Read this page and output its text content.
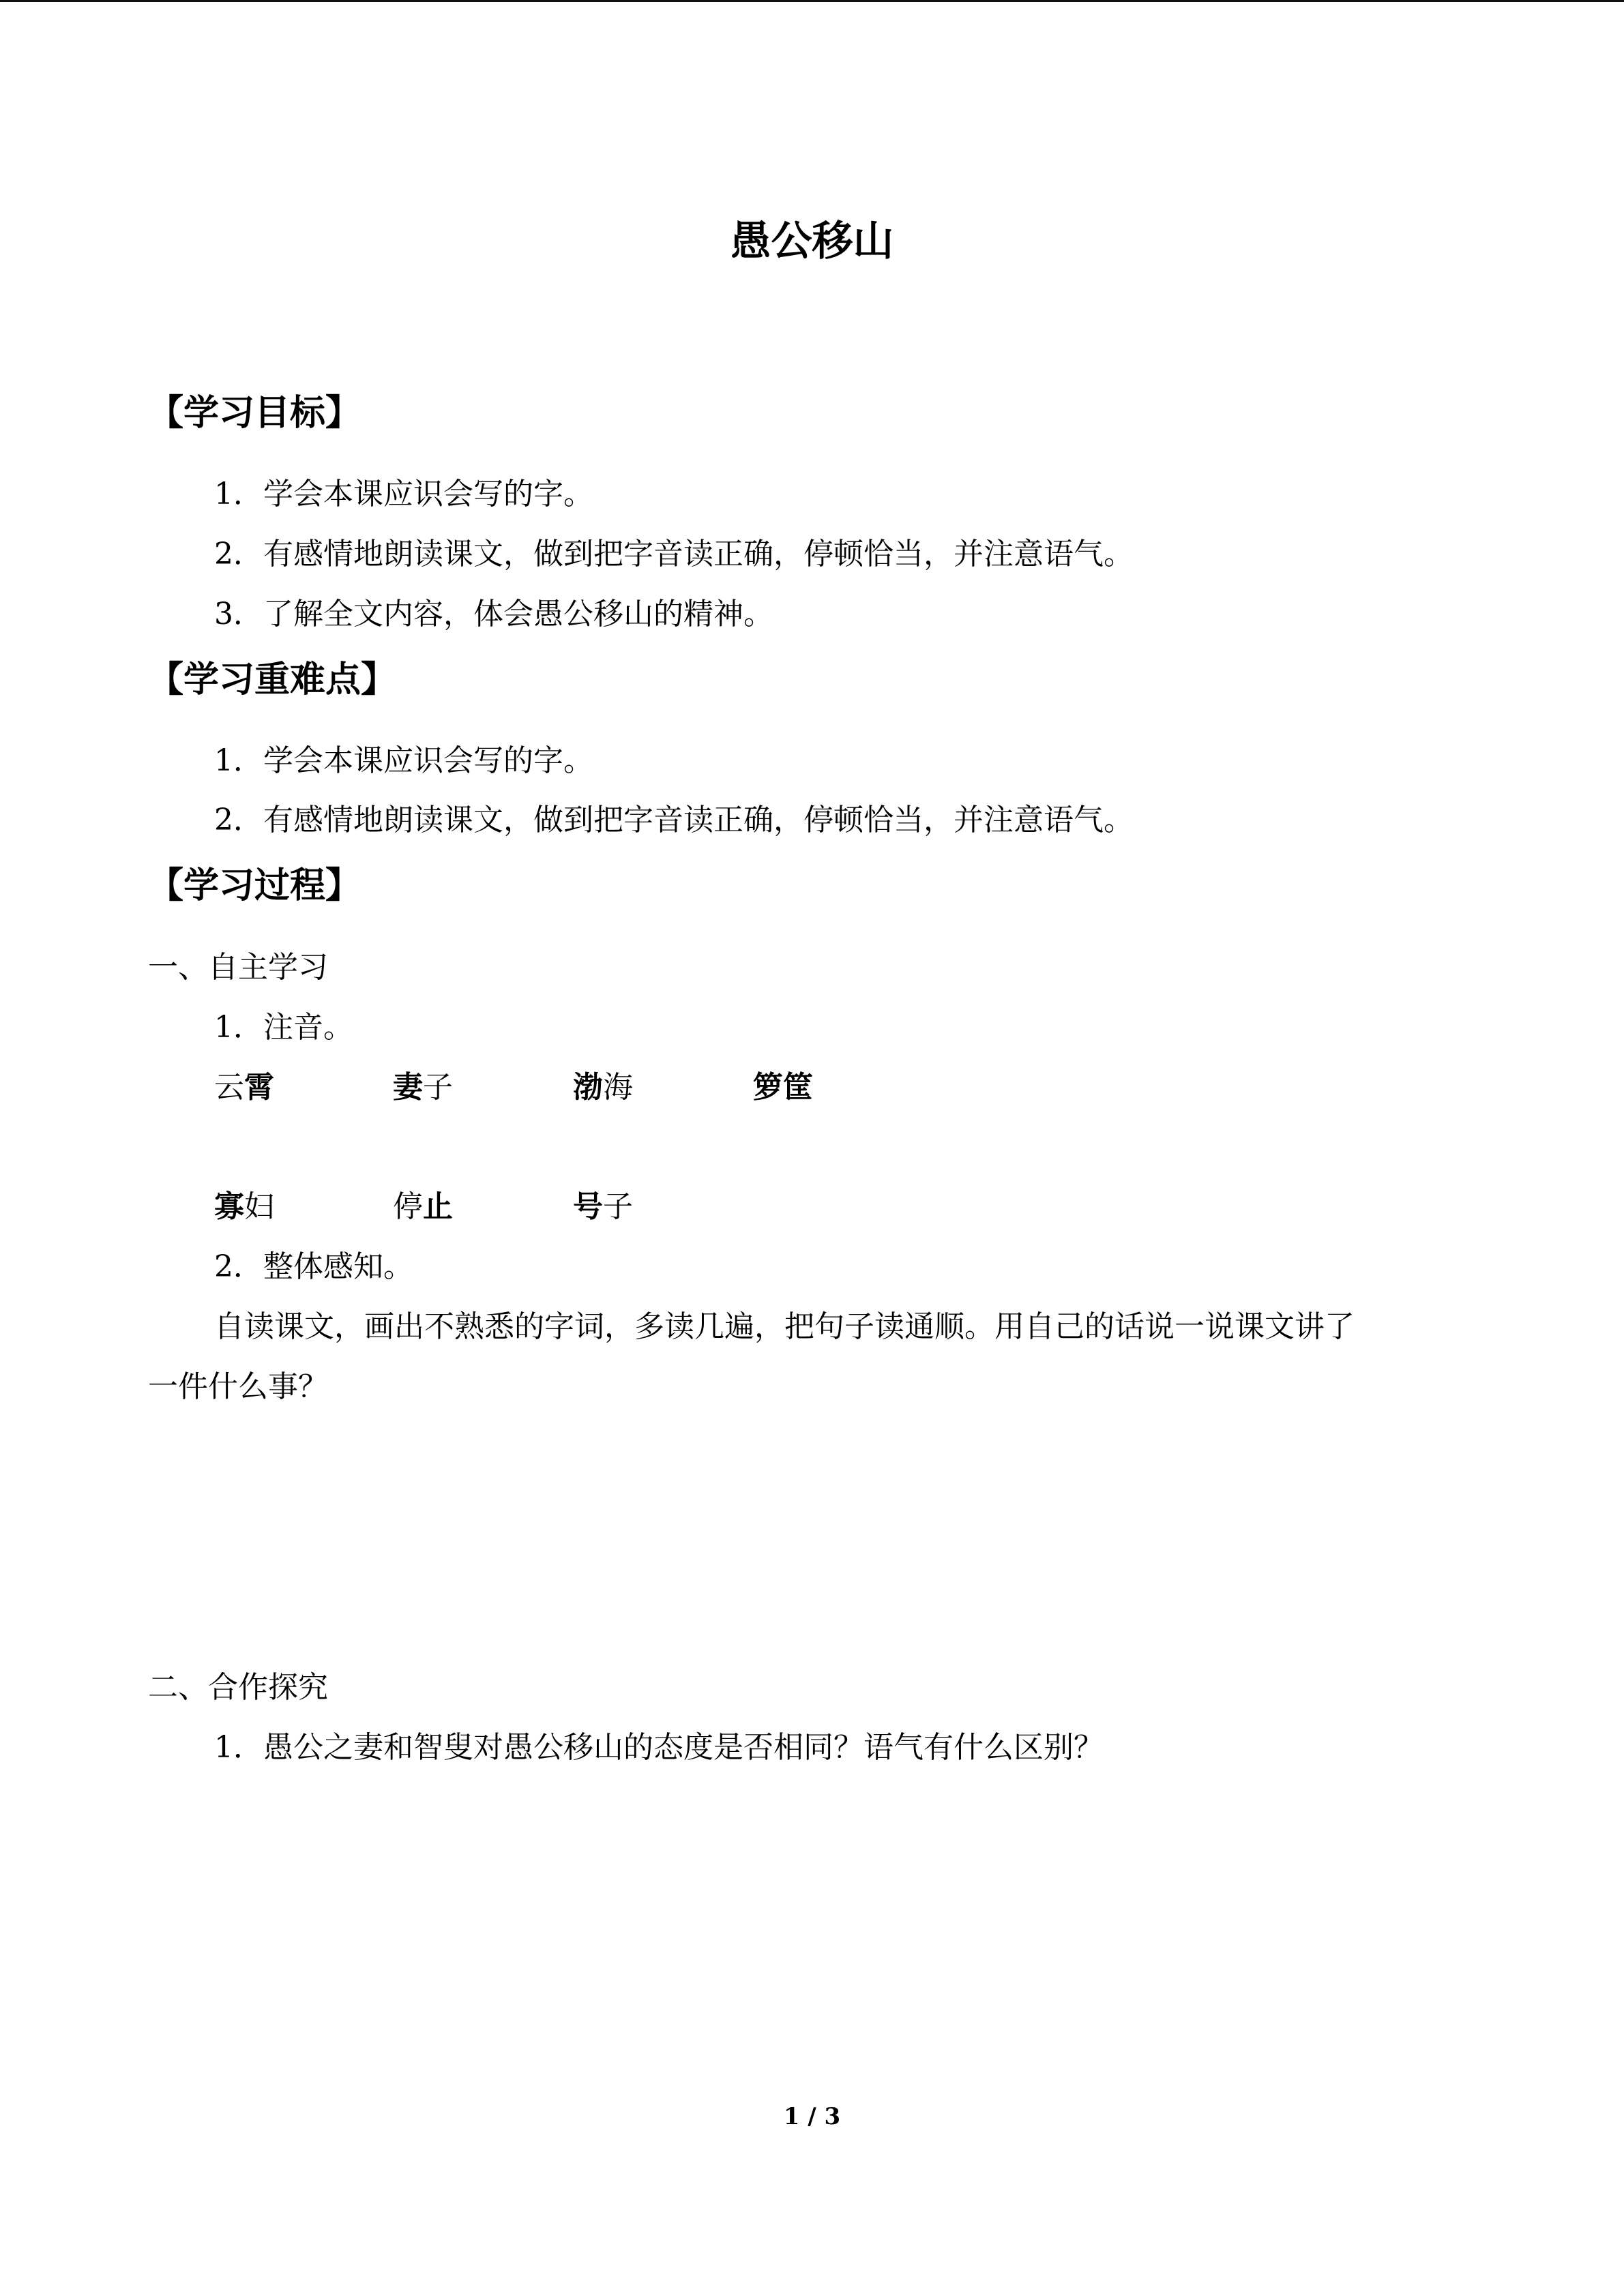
愚公移山
【学习目标】
1．学会本课应识会写的字。
2．有感情地朗读课文，做到把字音读正确，停顿恰当，并注意语气。
3．了解全文内容，体会愚公移山的精神。
【学习重难点】
1．学会本课应识会写的字。
2．有感情地朗读课文，做到把字音读正确，停顿恰当，并注意语气。
【学习过程】
一、自主学习
1．注音。
云霄	妻子	渤海	箩筐
寡妇	停止	号子
2．整体感知。
自读课文，画出不熟悉的字词，多读几遍，把句子读通顺。用自己的话说一说课文讲了
一件什么事？
二、合作探究
1．愚公之妻和智叟对愚公移山的态度是否相同？语气有什么区别？
1 / 3
